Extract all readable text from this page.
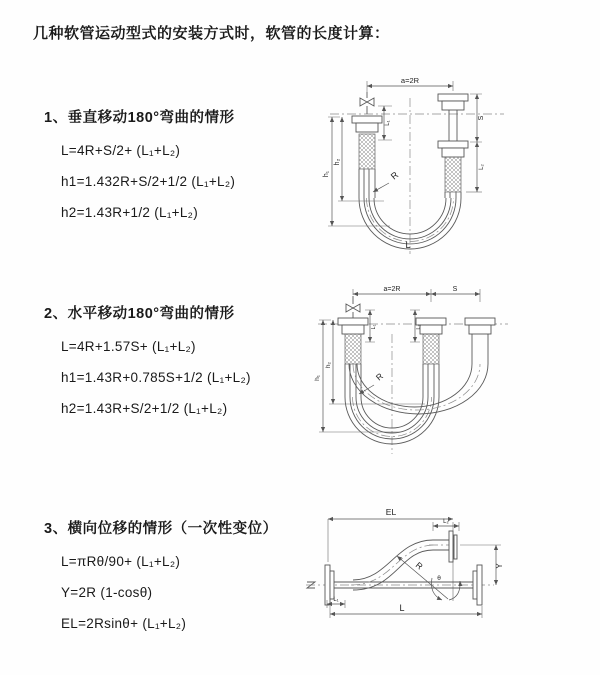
几种软管运动型式的安装方式时，软管的长度计算：
1、垂直移动180°弯曲的情形
L=4R+S/2+ (L₁+L₂)
h1=1.432R+S/2+1/2 (L₁+L₂)
h2=1.43R+1/2 (L₁+L₂)
a=2R
h₁
h₂
L₁
S
L₂
R
L
2、水平移动180°弯曲的情形
L=4R+1.57S+ (L₁+L₂)
h1=1.43R+0.785S+1/2 (L₁+L₂)
h2=1.43R+S/2+1/2 (L₁+L₂)
a=2R	S
h₁
h₂
L₁	L₂
R
3、横向位移的情形（一次性变位）
L=πRθ/90+ (L₁+L₂)
Y=2R (1-cosθ)
EL=2Rsinθ+ (L₁+L₂)
EL
L₂
R
θ
Y
L
L₁
